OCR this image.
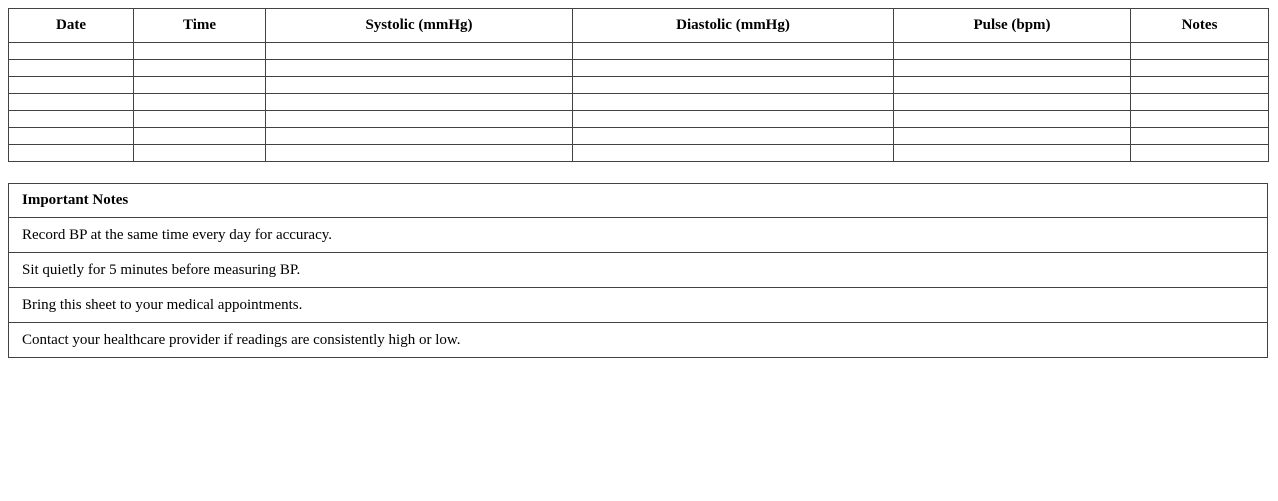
Date	Time	Systolic (mmHg)	Diastolic (mmHg)	Pulse (bpm)	Notes

Important Notes
Record BP at the same time every day for accuracy.
Sit quietly for 5 minutes before measuring BP.
Bring this sheet to your medical appointments.
Contact your healthcare provider if readings are consistently high or low.
